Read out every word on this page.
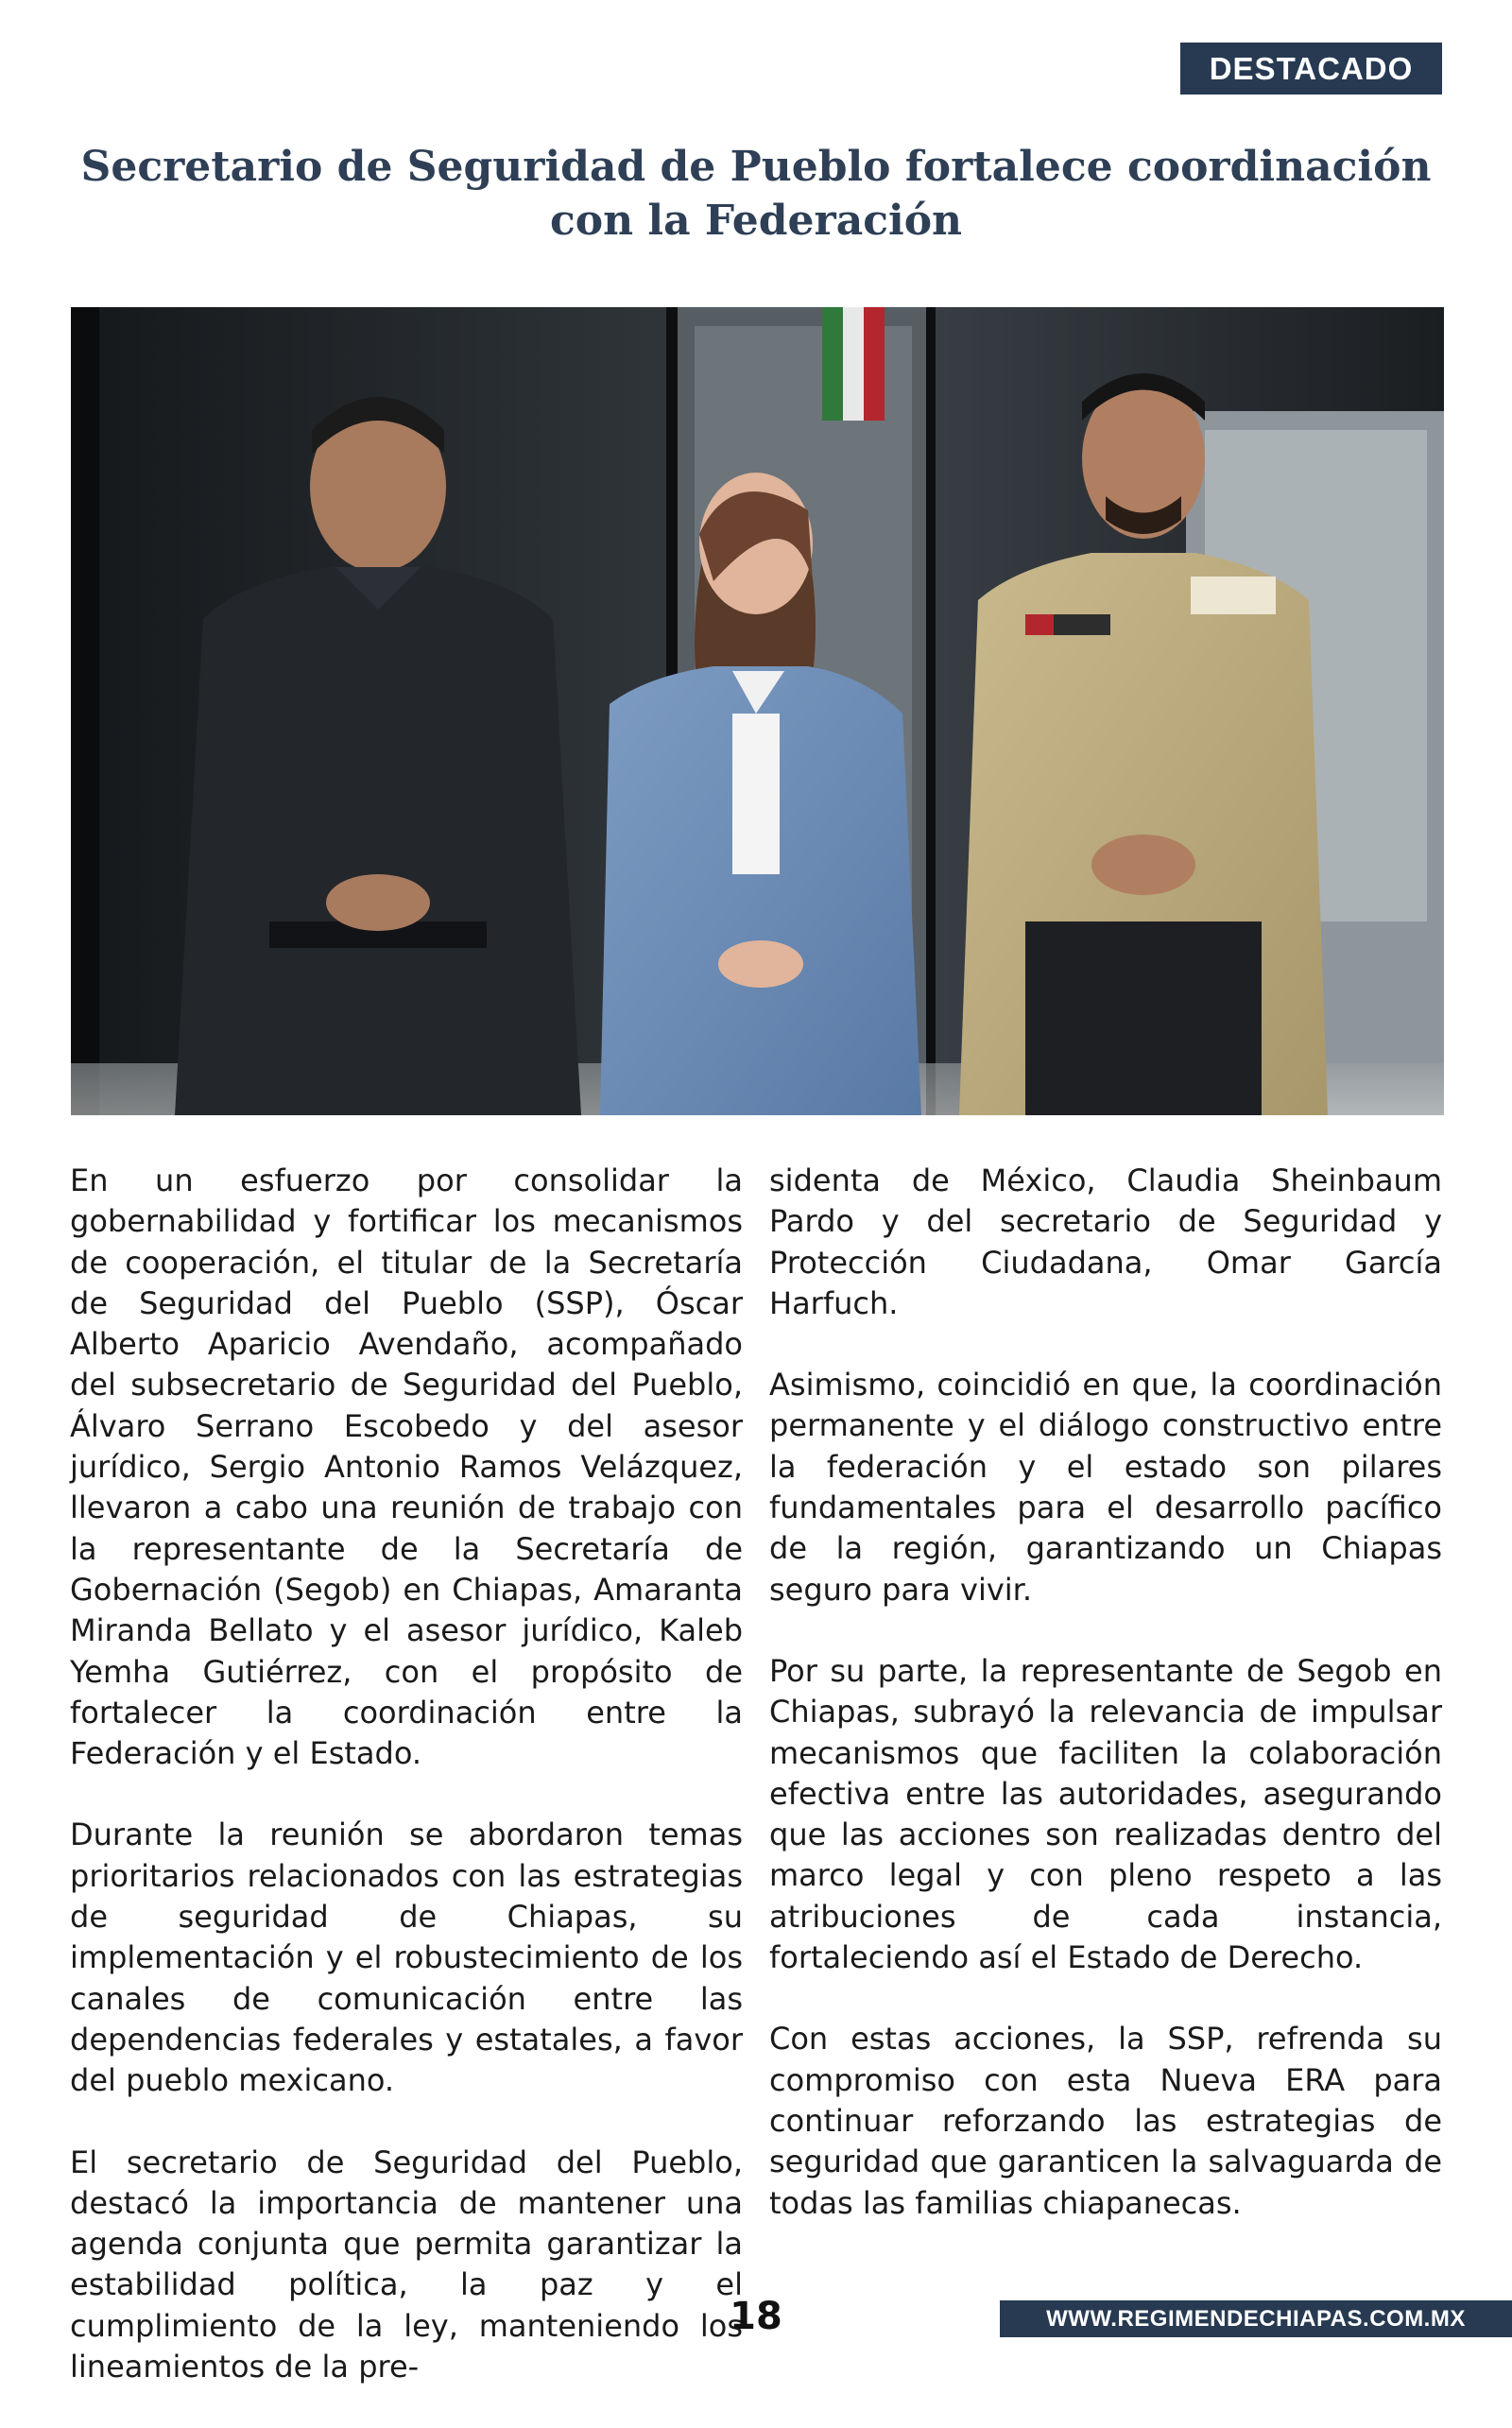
DESTACADO
Secretario de Seguridad de Pueblo fortalece coordinación con la Federación

En un esfuerzo por consolidar la gobernabilidad y fortificar los mecanismos de cooperación, el titular de la Secretaría de Seguridad del Pueblo (SSP), Óscar Alberto Aparicio Avendaño, acompañado del subsecretario de Seguridad del Pueblo, Álvaro Serrano Escobedo y del asesor jurídico, Sergio Antonio Ramos Velázquez, llevaron a cabo una reunión de trabajo con la representante de la Secretaría de Gobernación (Segob) en Chiapas, Amaranta Miranda Bellato y el asesor jurídico, Kaleb Yemha Gutiérrez, con el propósito de fortalecer la coordinación entre la Federación y el Estado.

Durante la reunión se abordaron temas prioritarios relacionados con las estrategias de seguridad de Chiapas, su implementación y el robustecimiento de los canales de comunicación entre las dependencias federales y estatales, a favor del pueblo mexicano.

El secretario de Seguridad del Pueblo, destacó la importancia de mantener una agenda conjunta que permita garantizar la estabilidad política, la paz y el cumplimiento de la ley, manteniendo los lineamientos de la pre-

sidenta de México, Claudia Sheinbaum Pardo y del secretario de Seguridad y Protección Ciudadana, Omar García Harfuch.

Asimismo, coincidió en que, la coordinación permanente y el diálogo constructivo entre la federación y el estado son pilares fundamentales para el desarrollo pacífico de la región, garantizando un Chiapas seguro para vivir.

Por su parte, la representante de Segob en Chiapas, subrayó la relevancia de impulsar mecanismos que faciliten la colaboración efectiva entre las autoridades, asegurando que las acciones son realizadas dentro del marco legal y con pleno respeto a las atribuciones de cada instancia, fortaleciendo así el Estado de Derecho.

Con estas acciones, la SSP, refrenda su compromiso con esta Nueva ERA para continuar reforzando las estrategias de seguridad que garanticen la salvaguarda de todas las familias chiapanecas.

18	WWW.REGIMENDECHIAPAS.COM.MX
